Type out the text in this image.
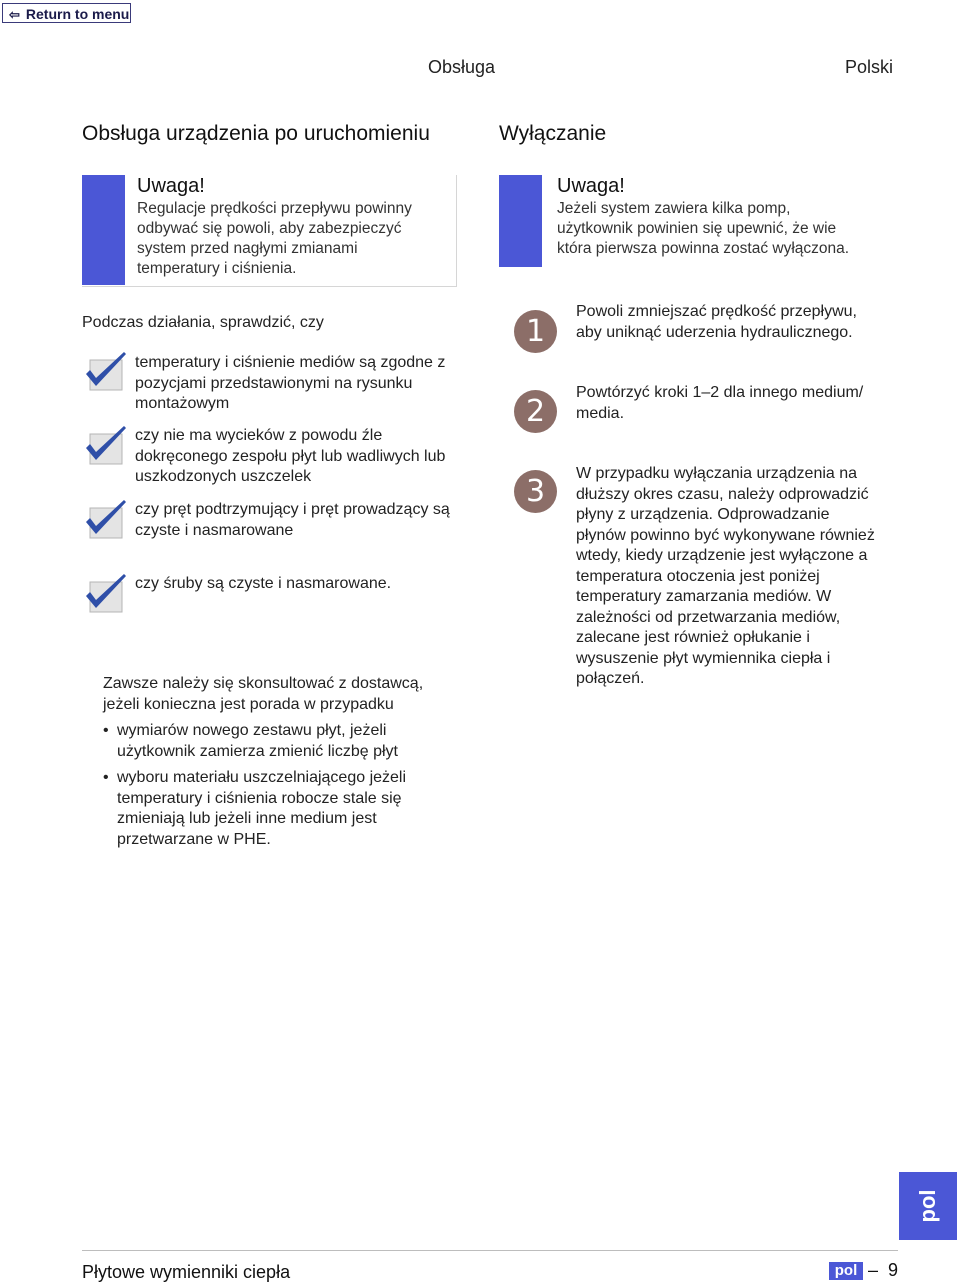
⇦ Return to menu
Obsługa	Polski
Obsługa urządzenia po uruchomieniu
Uwaga!
Regulacje prędkości przepływu powinny
odbywać się powoli, aby zabezpieczyć
system przed nagłymi zmianami
temperatury i ciśnienia.
Podczas działania, sprawdzić, czy
temperatury i ciśnienie mediów są zgodne z
pozycjami przedstawionymi na rysunku
montażowym
czy nie ma wycieków z powodu źle
dokręconego zespołu płyt lub wadliwych lub
uszkodzonych uszczelek
czy pręt podtrzymujący i pręt prowadzący są
czyste i nasmarowane
czy śruby są czyste i nasmarowane.
Zawsze należy się skonsultować z dostawcą,
jeżeli konieczna jest porada w przypadku
• wymiarów nowego zestawu płyt, jeżeli
użytkownik zamierza zmienić liczbę płyt
• wyboru materiału uszczelniającego jeżeli
temperatury i ciśnienia robocze stale się
zmieniają lub jeżeli inne medium jest
przetwarzane w PHE.
Wyłączanie
Uwaga!
Jeżeli system zawiera kilka pomp,
użytkownik powinien się upewnić, że wie
która pierwsza powinna zostać wyłączona.
1
Powoli zmniejszać prędkość przepływu,
aby uniknąć uderzenia hydraulicznego.
2
Powtórzyć kroki 1–2 dla innego medium/
media.
3
W przypadku wyłączania urządzenia na
dłuższy okres czasu, należy odprowadzić
płyny z urządzenia. Odprowadzanie
płynów powinno być wykonywane również
wtedy, kiedy urządzenie jest wyłączone a
temperatura otoczenia jest poniżej
temperatury zamarzania mediów. W
zależności od przetwarzania mediów,
zalecane jest również opłukanie i
wysuszenie płyt wymiennika ciepła i
połączeń.
pol
Płytowe wymienniki ciepła	pol – 9
